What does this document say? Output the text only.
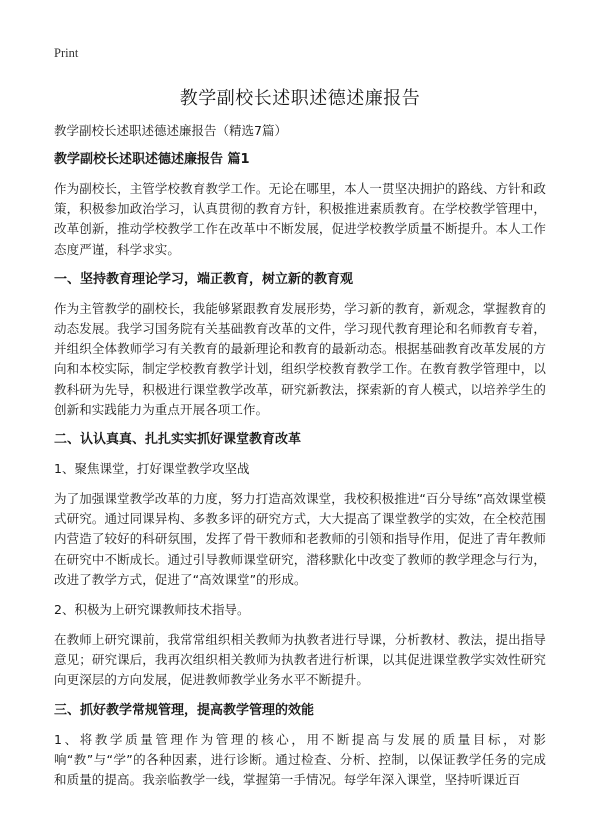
Print
教学副校长述职述德述廉报告

教学副校长述职述德述廉报告（精选7篇）

教学副校长述职述德述廉报告 篇1

作为副校长，主管学校教育教学工作。无论在哪里，本人一贯坚决拥护的路线、方针和政策，积极参加政治学习，认真贯彻的教育方针，积极推进素质教育。在学校教学管理中，改革创新，推动学校教学工作在改革中不断发展，促进学校教学质量不断提升。本人工作态度严谨，科学求实。

一、坚持教育理论学习，端正教育，树立新的教育观

作为主管教学的副校长，我能够紧跟教育发展形势，学习新的教育，新观念，掌握教育的动态发展。我学习国务院有关基础教育改革的文件，学习现代教育理论和名师教育专着，并组织全体教师学习有关教育的最新理论和教育的最新动态。根据基础教育改革发展的方向和本校实际，制定学校教育教学计划，组织学校教育教学工作。在教育教学管理中，以教科研为先导，积极进行课堂教学改革，研究新教法，探索新的育人模式，以培养学生的创新和实践能力为重点开展各项工作。

二、认认真真、扎扎实实抓好课堂教育改革

1、聚焦课堂，打好课堂教学攻坚战

为了加强课堂教学改革的力度，努力打造高效课堂，我校积极推进“百分导练”高效课堂模式研究。通过同课异构、多教多评的研究方式，大大提高了课堂教学的实效，在全校范围内营造了较好的科研氛围，发挥了骨干教师和老教师的引领和指导作用，促进了青年教师在研究中不断成长。通过引导教师课堂研究，潜移默化中改变了教师的教学理念与行为，改进了教学方式，促进了“高效课堂”的形成。

2、积极为上研究课教师技术指导。

在教师上研究课前，我常常组织相关教师为执教者进行导课，分析教材、教法，提出指导意见；研究课后，我再次组织相关教师为执教者进行析课，以其促进课堂教学实效性研究向更深层的方向发展，促进教师教学业务水平不断提升。

三、抓好教学常规管理，提高教学管理的效能

1、将教学质量管理作为管理的核心，用不断提高与发展的质量目标，对影响“教”与“学”的各种因素，进行诊断。通过检查、分析、控制，以保证教学任务的完成和质量的提高。我亲临教学一线，掌握第一手情况。每学年深入课堂，坚持听课近百
